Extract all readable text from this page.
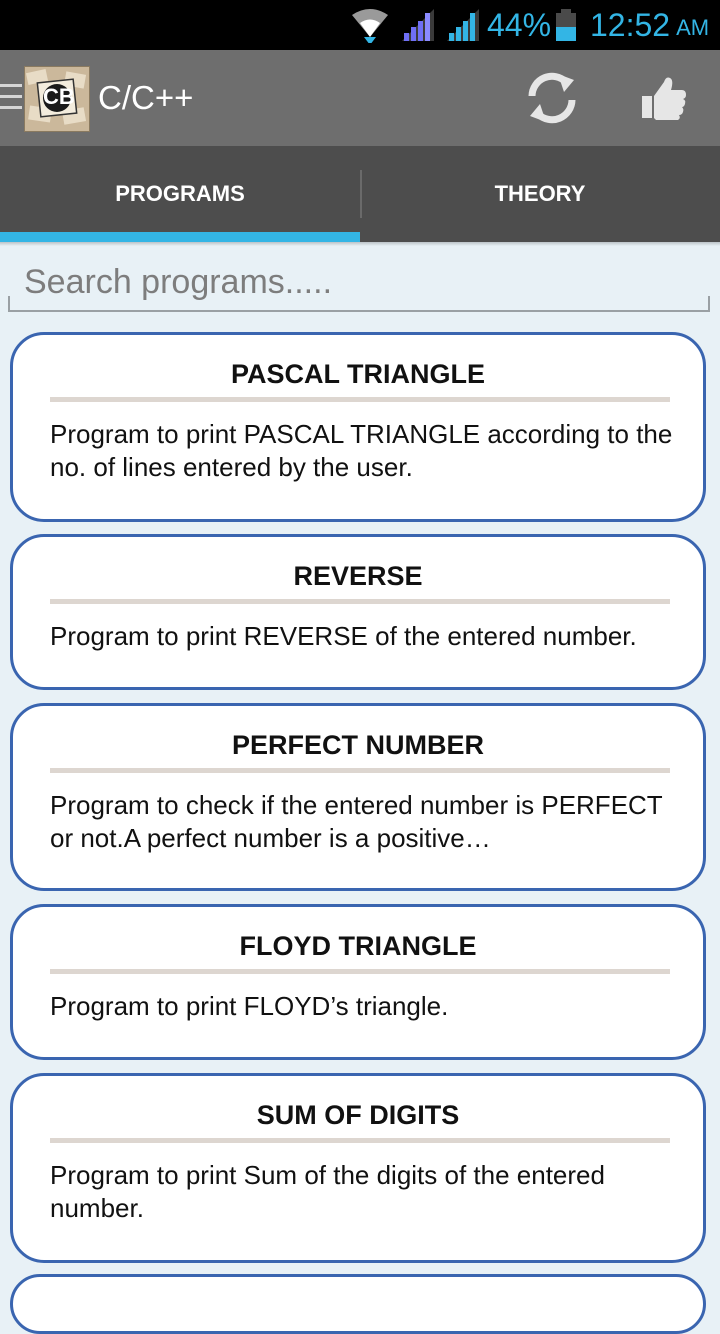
44% 12:52 AM
CB C/C++
PROGRAMS	THEORY
Search programs.....
PASCAL TRIANGLE
Program to print PASCAL TRIANGLE according to the no. of lines entered by the user.
REVERSE
Program to print REVERSE of the entered number.
PERFECT NUMBER
Program to check if the entered number is PERFECT or not.A perfect number is a positive…
FLOYD TRIANGLE
Program to print FLOYD’s triangle.
SUM OF DIGITS
Program to print Sum of the digits of the entered number.
